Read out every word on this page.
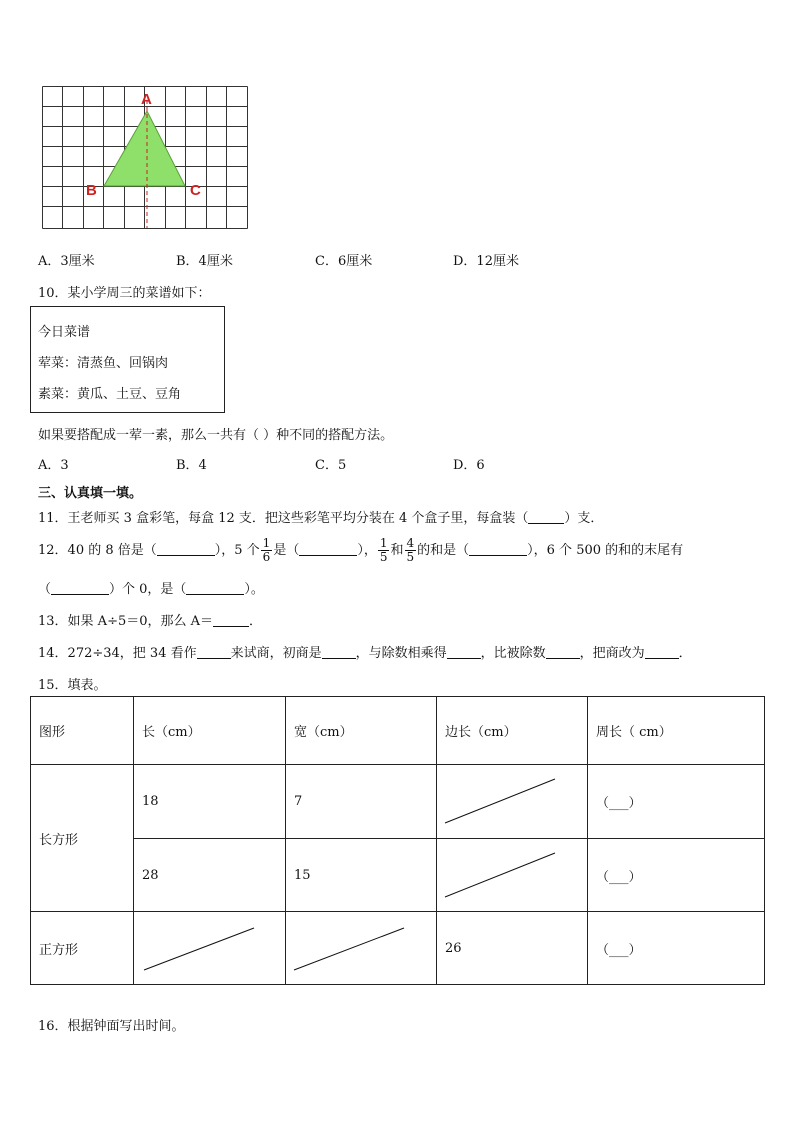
A
B	C
A．3厘米	B．4厘米	C．6厘米	D．12厘米
10．某小学周三的菜谱如下：
今日菜谱
荤菜：清蒸鱼、回锅肉
素菜：黄瓜、土豆、豆角
如果要搭配成一荤一素，那么一共有（ ）种不同的搭配方法。
A．3	B．4	C．5	D．6
三、认真填一填。
11．王老师买 3 盒彩笔，每盒 12 支．把这些彩笔平均分装在 4 个盒子里，每盒装（	）支．
12．40 的 8 倍是（	），5 个 $\frac{1}{6}$ 是（	）， $\frac{1}{5}$ 和 $\frac{4}{5}$ 的和是（	），6 个 500 的和的末尾有
（	）个 0，是（	）。
13．如果 A÷5＝0，那么 A＝	．
14．272÷34，把 34 看作	来试商，初商是	，与除数相乘得	，比被除数	，把商改为	．
15．填表。
图形	长（cm）	宽（cm）	边长（cm）	周长（ cm）
长方形	18	7		（___）
	28	15		（___）
正方形			26	（___）
16．根据钟面写出时间。
